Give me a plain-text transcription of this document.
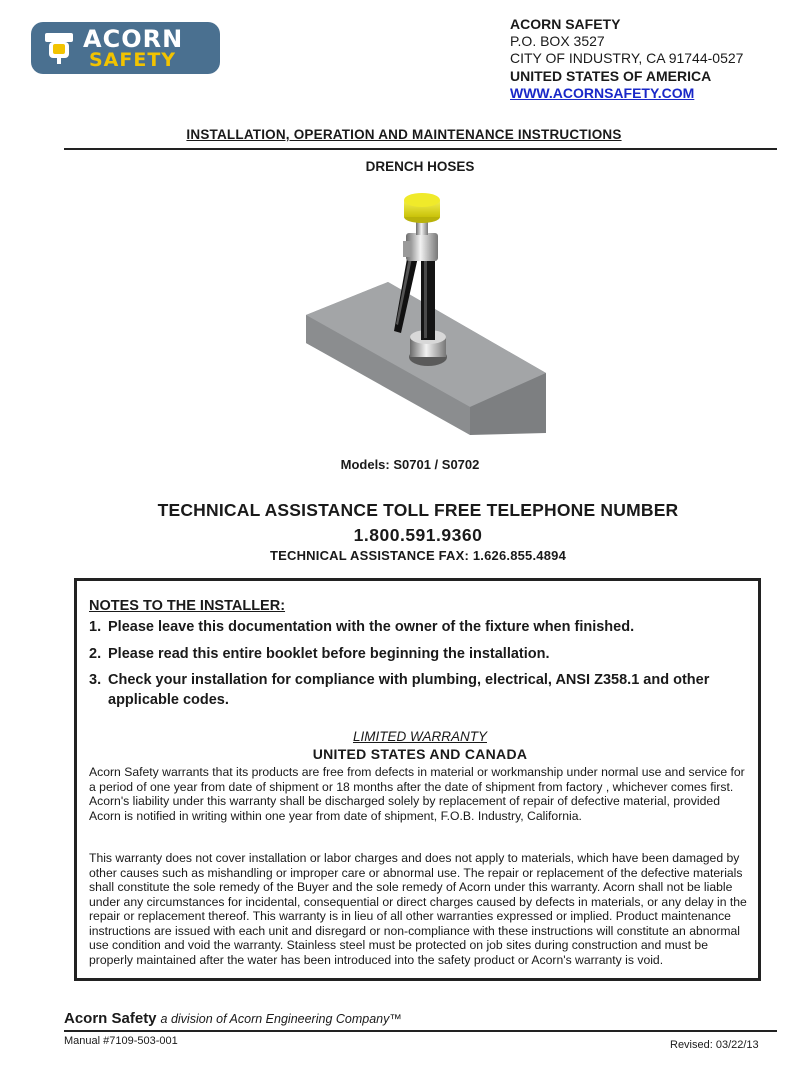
ACORN
SAFETY
ACORN SAFETY
P.O. BOX 3527
CITY OF INDUSTRY, CA 91744-0527
UNITED STATES OF AMERICA
WWW.ACORNSAFETY.COM
INSTALLATION, OPERATION AND MAINTENANCE INSTRUCTIONS
DRENCH HOSES
Models: S0701 / S0702
TECHNICAL ASSISTANCE TOLL FREE TELEPHONE NUMBER
1.800.591.9360
TECHNICAL ASSISTANCE FAX: 1.626.855.4894
NOTES TO THE INSTALLER:
1. Please leave this documentation with the owner of the fixture when finished.
2. Please read this entire booklet before beginning the installation.
3. Check your installation for compliance with plumbing, electrical, ANSI Z358.1 and other applicable codes.
LIMITED WARRANTY
UNITED STATES AND CANADA
Acorn Safety warrants that its products are free from defects in material or workmanship under normal use and service for a period of one year from date of shipment or 18 months after the date of shipment from factory , whichever comes first. Acorn's liability under this warranty shall be discharged solely by replacement of repair of defective material, provided Acorn is notified in writing within one year from date of shipment, F.O.B. Industry, California.
This warranty does not cover installation or labor charges and does not apply to materials, which have been damaged by other causes such as mishandling or improper care or abnormal use. The repair or replacement of the defective materials shall constitute the sole remedy of the Buyer and the sole remedy of Acorn under this warranty. Acorn shall not be liable under any circumstances for incidental, consequential or direct charges caused by defects in materials, or any delay in the repair or replacement thereof. This warranty is in lieu of all other warranties expressed or implied. Product maintenance instructions are issued with each unit and disregard or non-compliance with these instructions will constitute an abnormal use condition and void the warranty. Stainless steel must be protected on job sites during construction and must be properly maintained after the water has been introduced into the safety product or Acorn's warranty is void.
Acorn Safety a division of Acorn Engineering Company™
Manual #7109-503-001	Revised: 03/22/13
